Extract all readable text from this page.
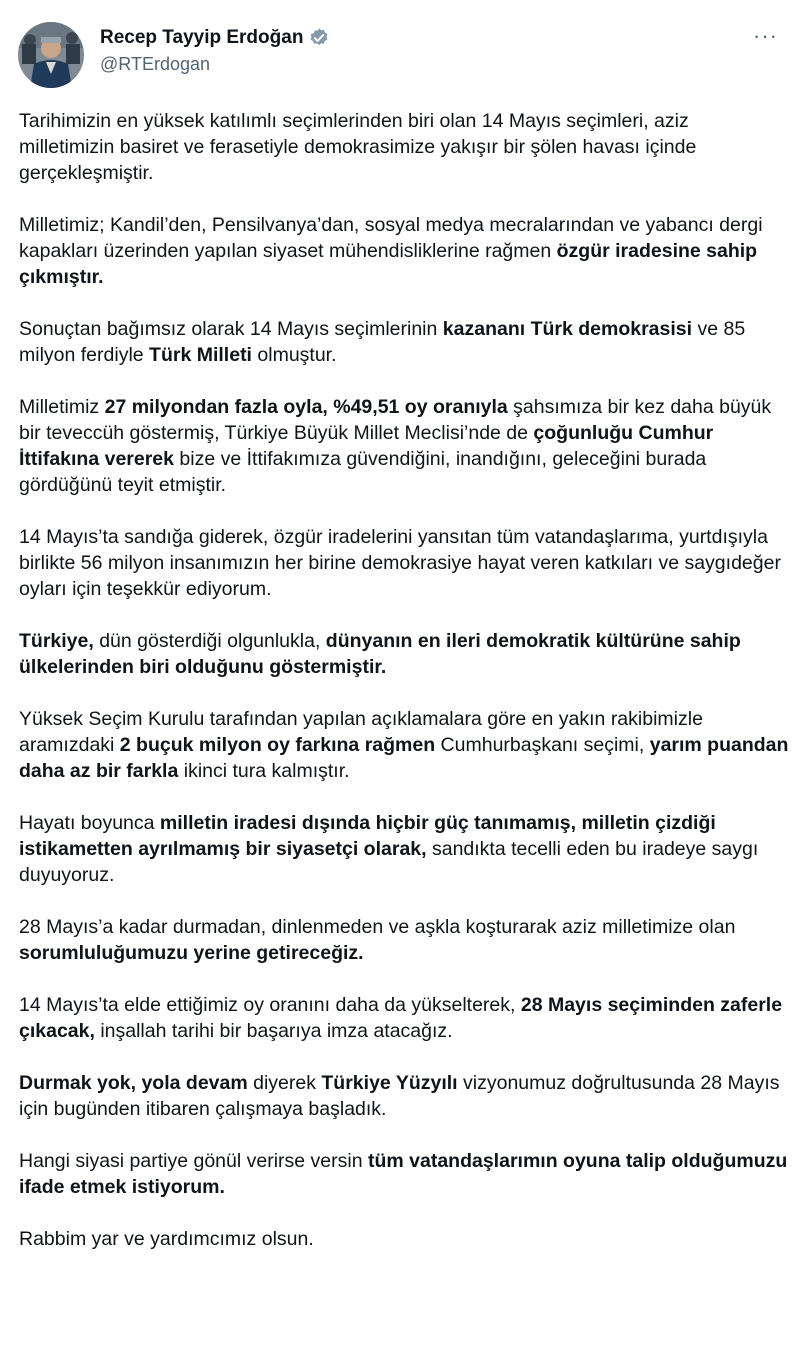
Recep Tayyip Erdoğan
@RTErdogan
···

Tarihimizin en yüksek katılımlı seçimlerinden biri olan 14 Mayıs seçimleri, aziz milletimizin basiret ve ferasetiyle demokrasimize yakışır bir şölen havası içinde gerçekleşmiştir.

Milletimiz; Kandil’den, Pensilvanya’dan, sosyal medya mecralarından ve yabancı dergi kapakları üzerinden yapılan siyaset mühendisliklerine rağmen özgür iradesine sahip çıkmıştır.

Sonuçtan bağımsız olarak 14 Mayıs seçimlerinin kazananı Türk demokrasisi ve 85 milyon ferdiyle Türk Milleti olmuştur.

Milletimiz 27 milyondan fazla oyla, %49,51 oy oranıyla şahsımıza bir kez daha büyük bir teveccüh göstermiş, Türkiye Büyük Millet Meclisi’nde de çoğunluğu Cumhur İttifakına vererek bize ve İttifakımıza güvendiğini, inandığını, geleceğini burada gördüğünü teyit etmiştir.

14 Mayıs’ta sandığa giderek, özgür iradelerini yansıtan tüm vatandaşlarıma, yurtdışıyla birlikte 56 milyon insanımızın her birine demokrasiye hayat veren katkıları ve saygıdeğer oyları için teşekkür ediyorum.

Türkiye, dün gösterdiği olgunlukla, dünyanın en ileri demokratik kültürüne sahip ülkelerinden biri olduğunu göstermiştir.

Yüksek Seçim Kurulu tarafından yapılan açıklamalara göre en yakın rakibimizle aramızdaki 2 buçuk milyon oy farkına rağmen Cumhurbaşkanı seçimi, yarım puandan daha az bir farkla ikinci tura kalmıştır.

Hayatı boyunca milletin iradesi dışında hiçbir güç tanımamış, milletin çizdiği istikametten ayrılmamış bir siyasetçi olarak, sandıkta tecelli eden bu iradeye saygı duyuyoruz.

28 Mayıs’a kadar durmadan, dinlenmeden ve aşkla koşturarak aziz milletimize olan sorumluluğumuzu yerine getireceğiz.

14 Mayıs’ta elde ettiğimiz oy oranını daha da yükselterek, 28 Mayıs seçiminden zaferle çıkacak, inşallah tarihi bir başarıya imza atacağız.

Durmak yok, yola devam diyerek Türkiye Yüzyılı vizyonumuz doğrultusunda 28 Mayıs için bugünden itibaren çalışmaya başladık.

Hangi siyasi partiye gönül verirse versin tüm vatandaşlarımın oyuna talip olduğumuzu ifade etmek istiyorum.

Rabbim yar ve yardımcımız olsun.
